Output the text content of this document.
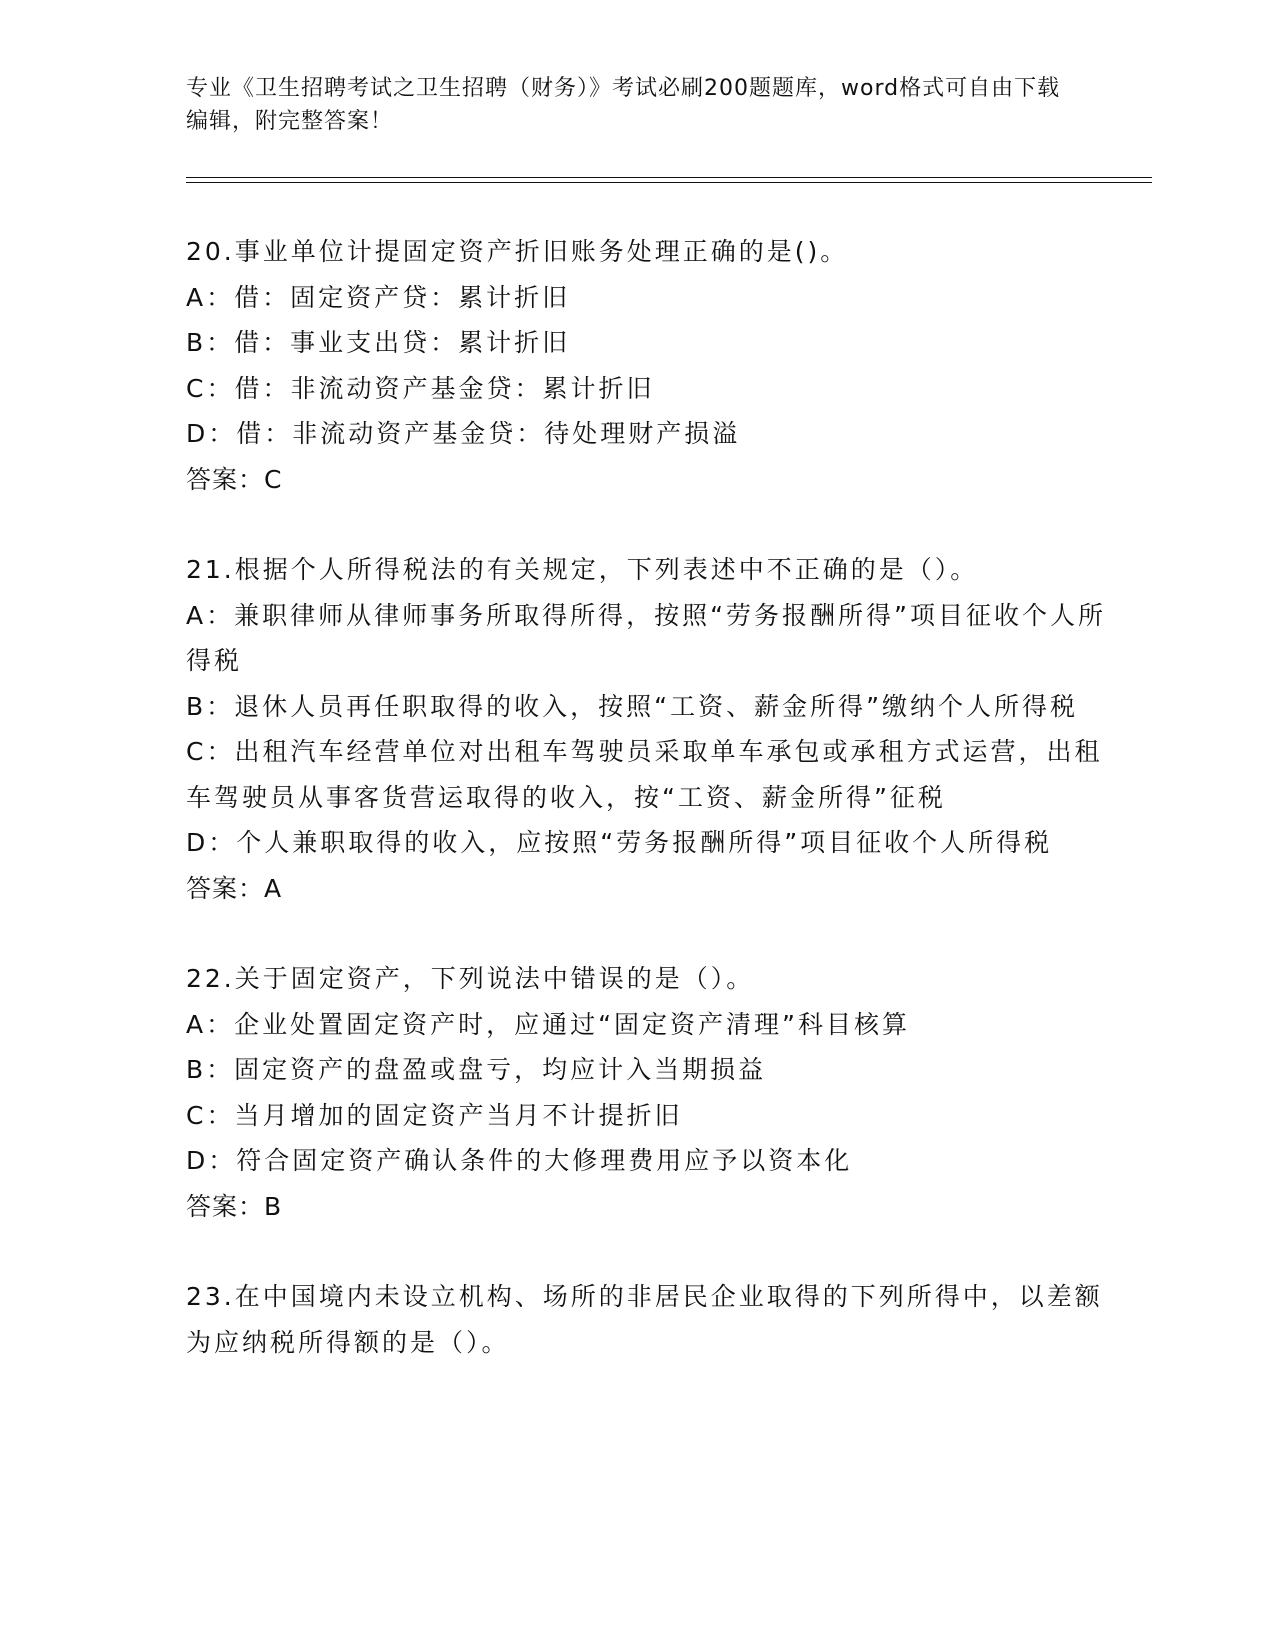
专业《卫生招聘考试之卫生招聘（财务）》考试必刷200题题库，word格式可自由下载编辑，附完整答案！
20.事业单位计提固定资产折旧账务处理正确的是()。
A：借：固定资产贷：累计折旧
B：借：事业支出贷：累计折旧
C：借：非流动资产基金贷：累计折旧
D：借：非流动资产基金贷：待处理财产损溢
答案：C
21.根据个人所得税法的有关规定，下列表述中不正确的是（）。
A：兼职律师从律师事务所取得所得，按照“劳务报酬所得”项目征收个人所得税
B：退休人员再任职取得的收入，按照“工资、薪金所得”缴纳个人所得税
C：出租汽车经营单位对出租车驾驶员采取单车承包或承租方式运营，出租车驾驶员从事客货营运取得的收入，按“工资、薪金所得”征税
D：个人兼职取得的收入，应按照“劳务报酬所得”项目征收个人所得税
答案：A
22.关于固定资产，下列说法中错误的是（）。
A：企业处置固定资产时，应通过“固定资产清理”科目核算
B：固定资产的盘盈或盘亏，均应计入当期损益
C：当月增加的固定资产当月不计提折旧
D：符合固定资产确认条件的大修理费用应予以资本化
答案：B
23.在中国境内未设立机构、场所的非居民企业取得的下列所得中，以差额为应纳税所得额的是（）。
